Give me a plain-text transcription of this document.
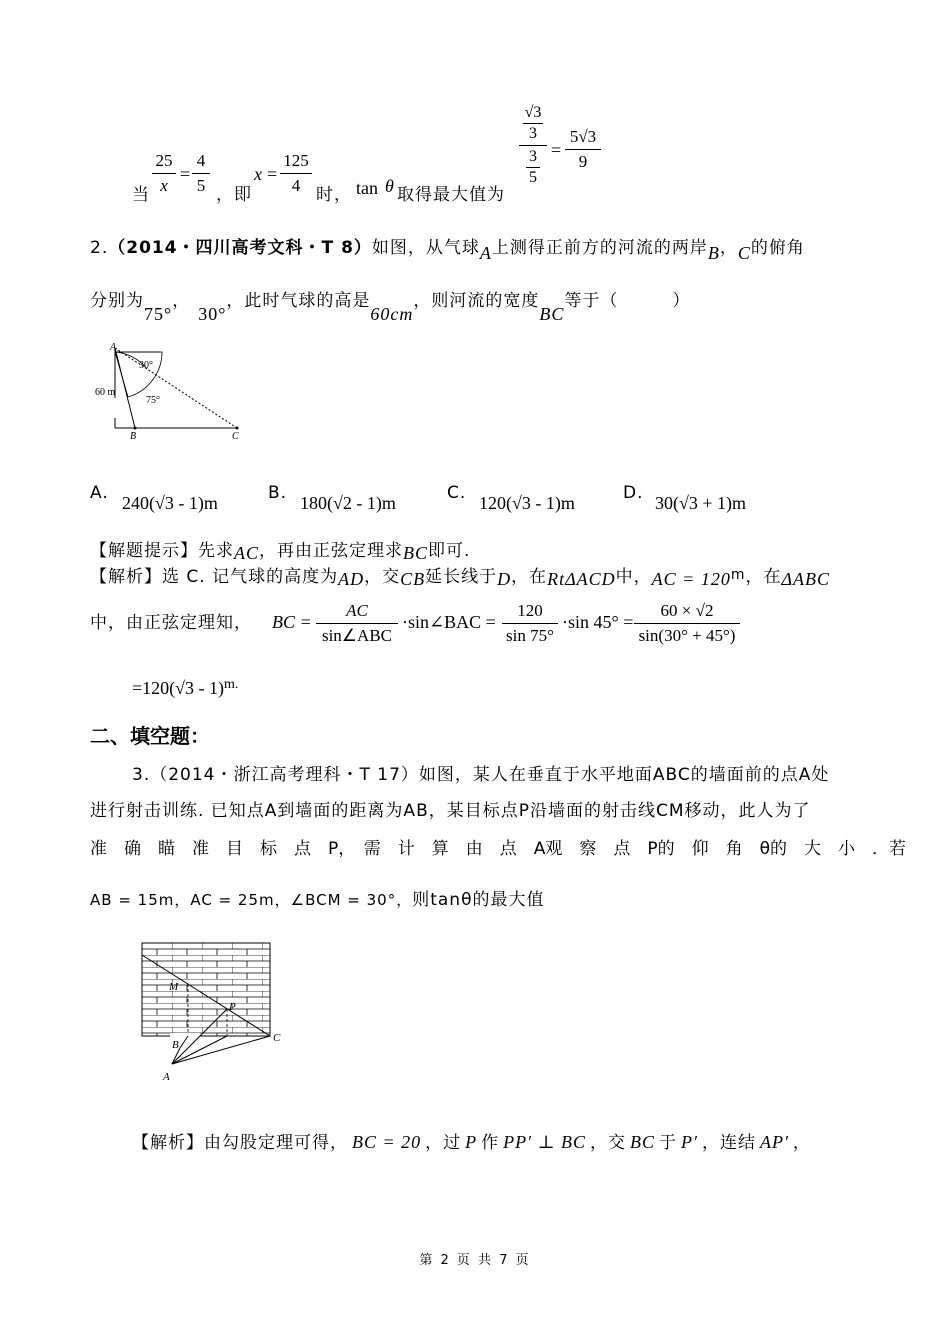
当
25
x
=
4
5 ，即
x =
125
4 时， tan θ 取得最大值为
√3
3
3
5
=
5√3
9
2.（2014・四川高考文科・T 8）如图，从气球A上测得正前方的河流的两岸B，C的俯角
分别为75°，30°，此时气球的高是60cm，则河流的宽度BC等于（　　　）
A
B	C
60 m
30°
75°
A. 240(√3 - 1)m	B. 180(√2 - 1)m	C. 120(√3 - 1)m	D. 30(√3 + 1)m
【解题提示】先求AC，再由正弦定理求BC即可.
【解析】选 C. 记气球的高度为AD，交CB延长线于D，在RtΔACD中，AC = 120m，在ΔABC
中，由正弦定理知， BC =
AC
sin∠ABC
·sin∠BAC =
120
sin 75°
·sin 45° =
60 × √2
sin(30° + 45°)
=120(√3 - 1)$^{m.}$
二、填空题：
3.（2014・浙江高考理科・T 17）如图，某人在垂直于水平地面ABC的墙面前的点A处
进行射击训练. 已知点A到墙面的距离为AB，某目标点P沿墙面的射击线CM移动，此人为了
准　确　瞄　准　目　标　点　P，　需　计　算　由　点　A观　察　点　P的　仰　角　θ的　大　小　．若
AB = 15m，AC = 25m，∠BCM = 30°，则tanθ的最大值
M
P
B
C
A
【解析】由勾股定理可得， BC = 20 ，过 P 作 PP′ ⊥ BC ，交 BC 于 P′ ，连结 AP′ ，
第 2 页 共 7 页
